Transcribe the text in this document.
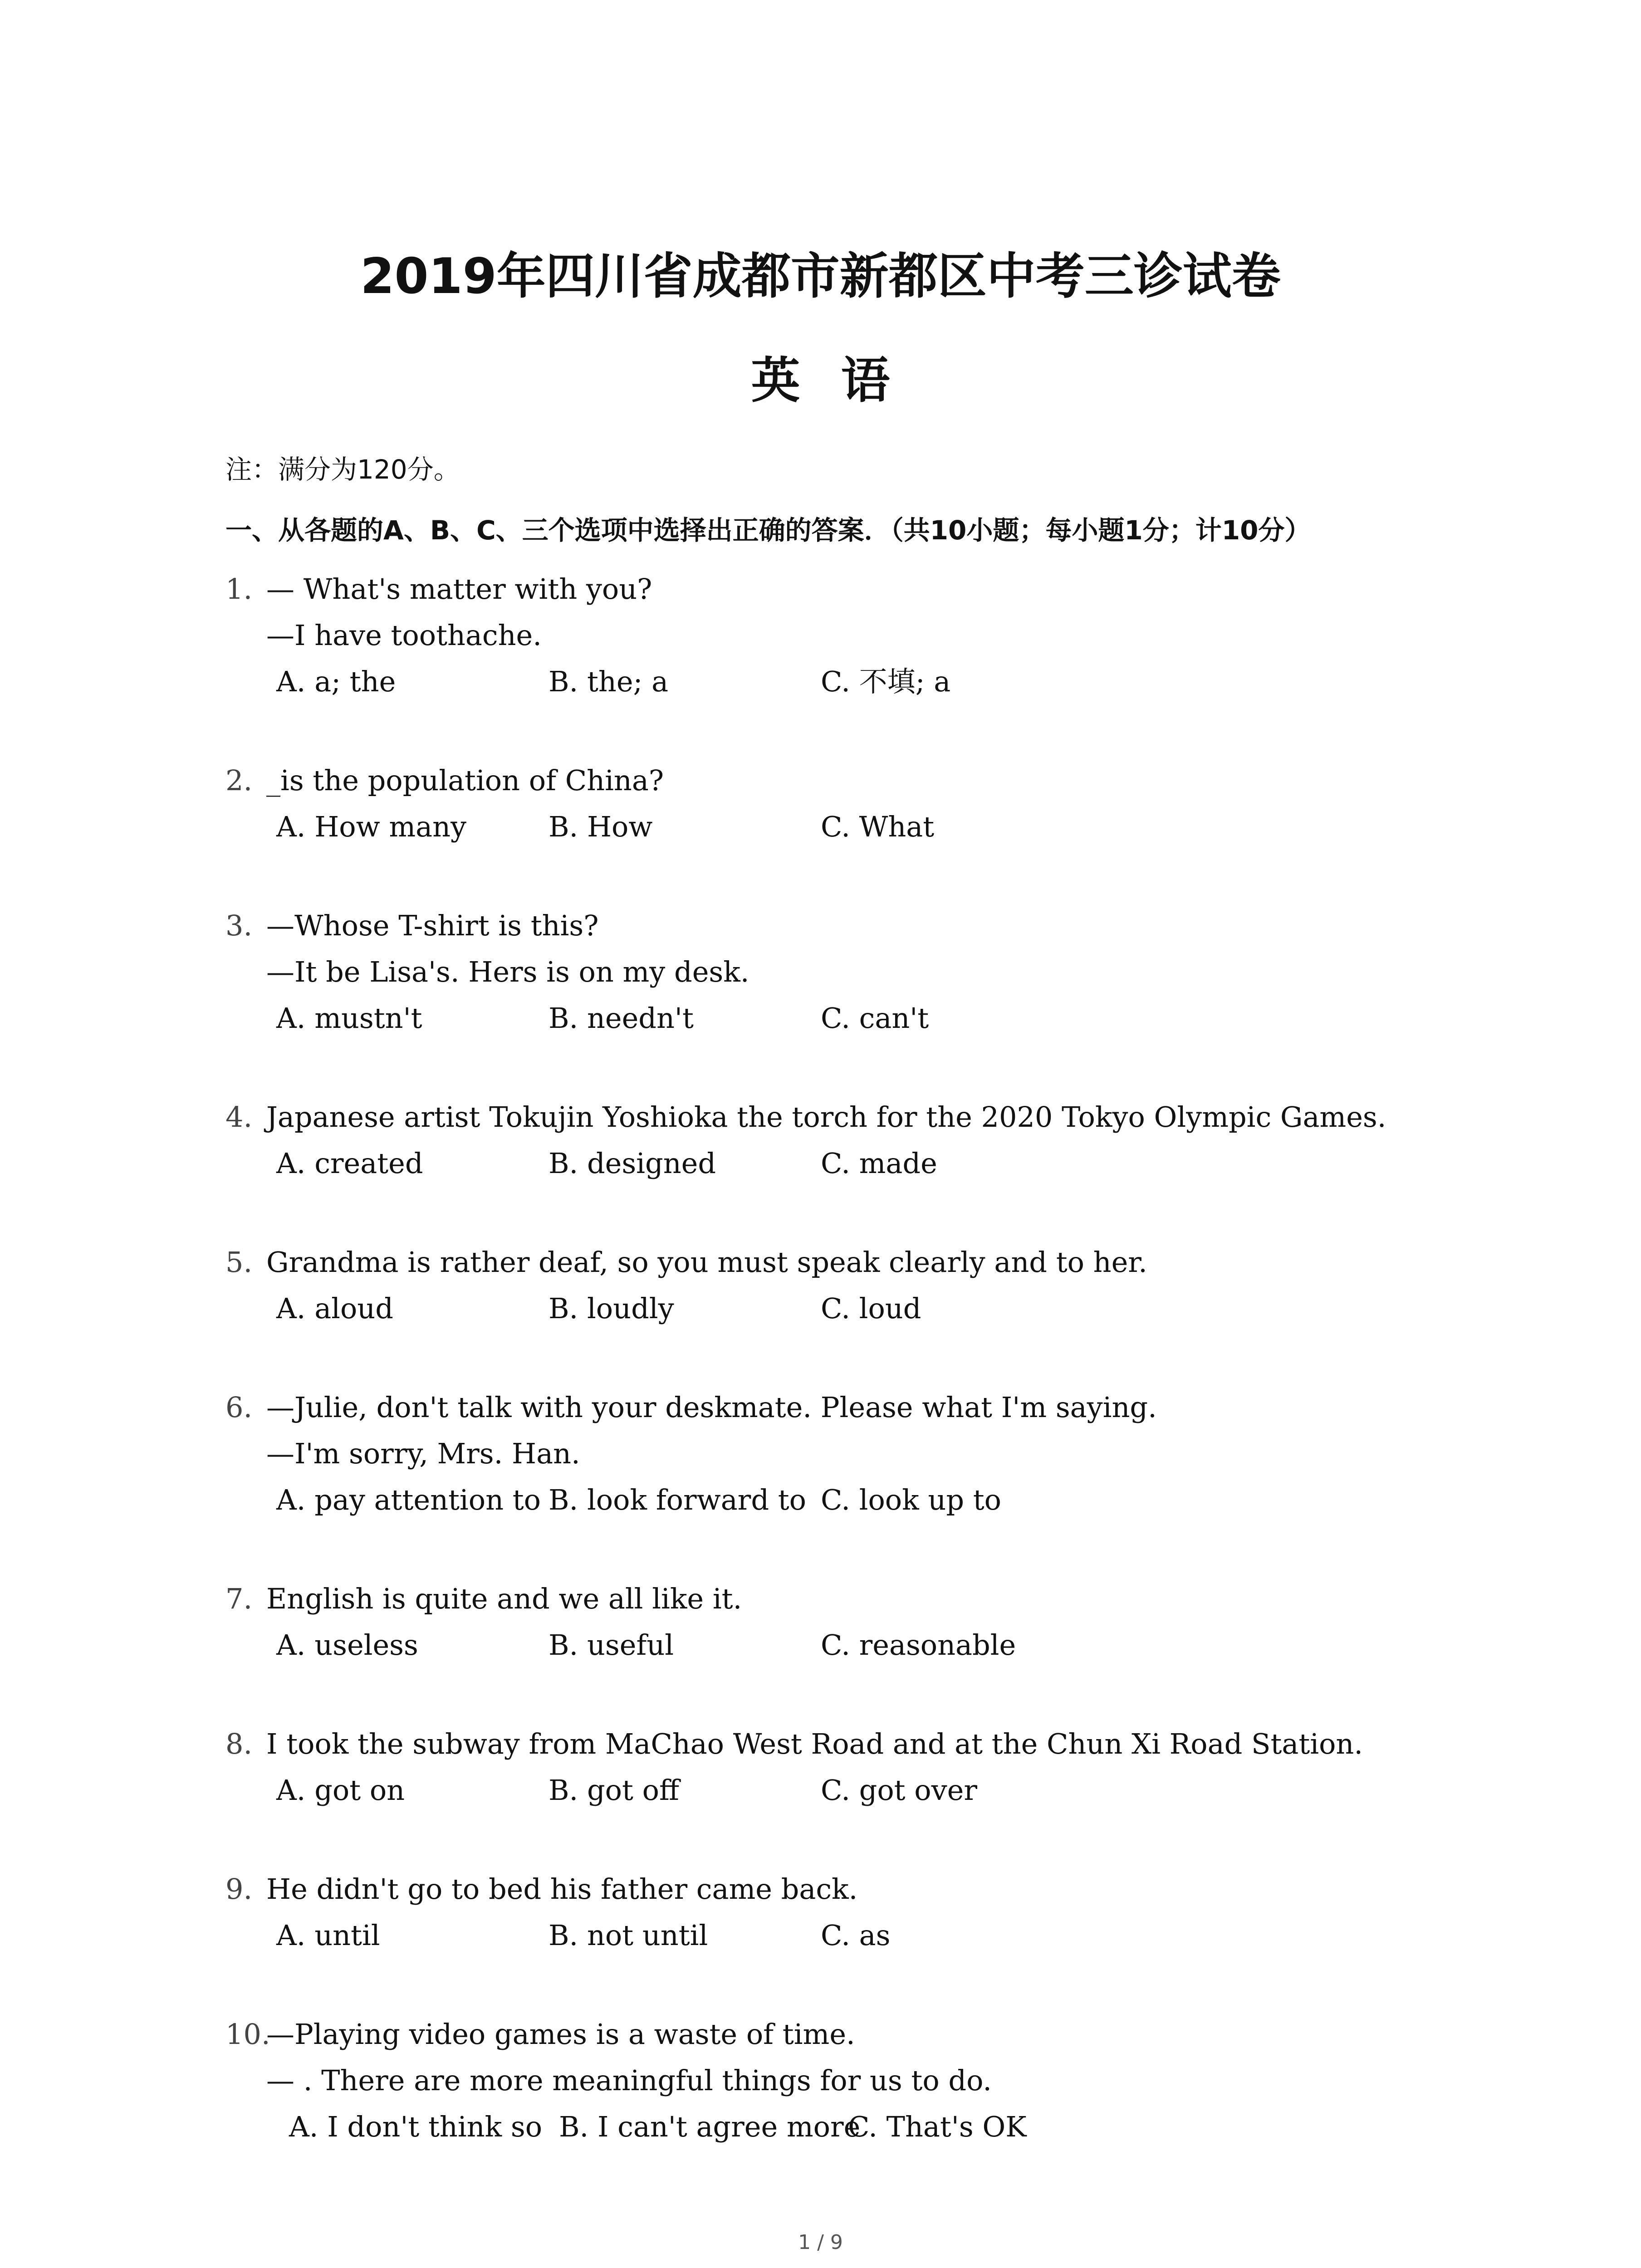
2019年四川省成都市新都区中考三诊试卷
英语
注：满分为120分。
一、从各题的A、B、C、三个选项中选择出正确的答案．（共10小题；每小题1分；计10分）
1. — What's matter with you?
—I have toothache.
A. a; the	B. the; a	C. 不填; a
2. _is the population of China?
A. How many	B. How	C. What
3. —Whose T-shirt is this?
—It be Lisa's. Hers is on my desk.
A. mustn't	B. needn't	C. can't
4. Japanese artist Tokujin Yoshioka the torch for the 2020 Tokyo Olympic Games.
A. created	B. designed	C. made
5. Grandma is rather deaf, so you must speak clearly and to her.
A. aloud	B. loudly	C. loud
6. —Julie, don't talk with your deskmate. Please what I'm saying.
—I'm sorry, Mrs. Han.
A. pay attention to B. look forward to C. look up to
7. English is quite and we all like it.
A. useless	B. useful	C. reasonable
8. I took the subway from MaChao West Road and at the Chun Xi Road Station.
A. got on	B. got off	C. got over
9. He didn't go to bed his father came back.
A. until	B. not until	C. as
10.—Playing video games is a waste of time.
— . There are more meaningful things for us to do.
A. I don't think so B. I can't agree more
C. That's OK
1 / 9
